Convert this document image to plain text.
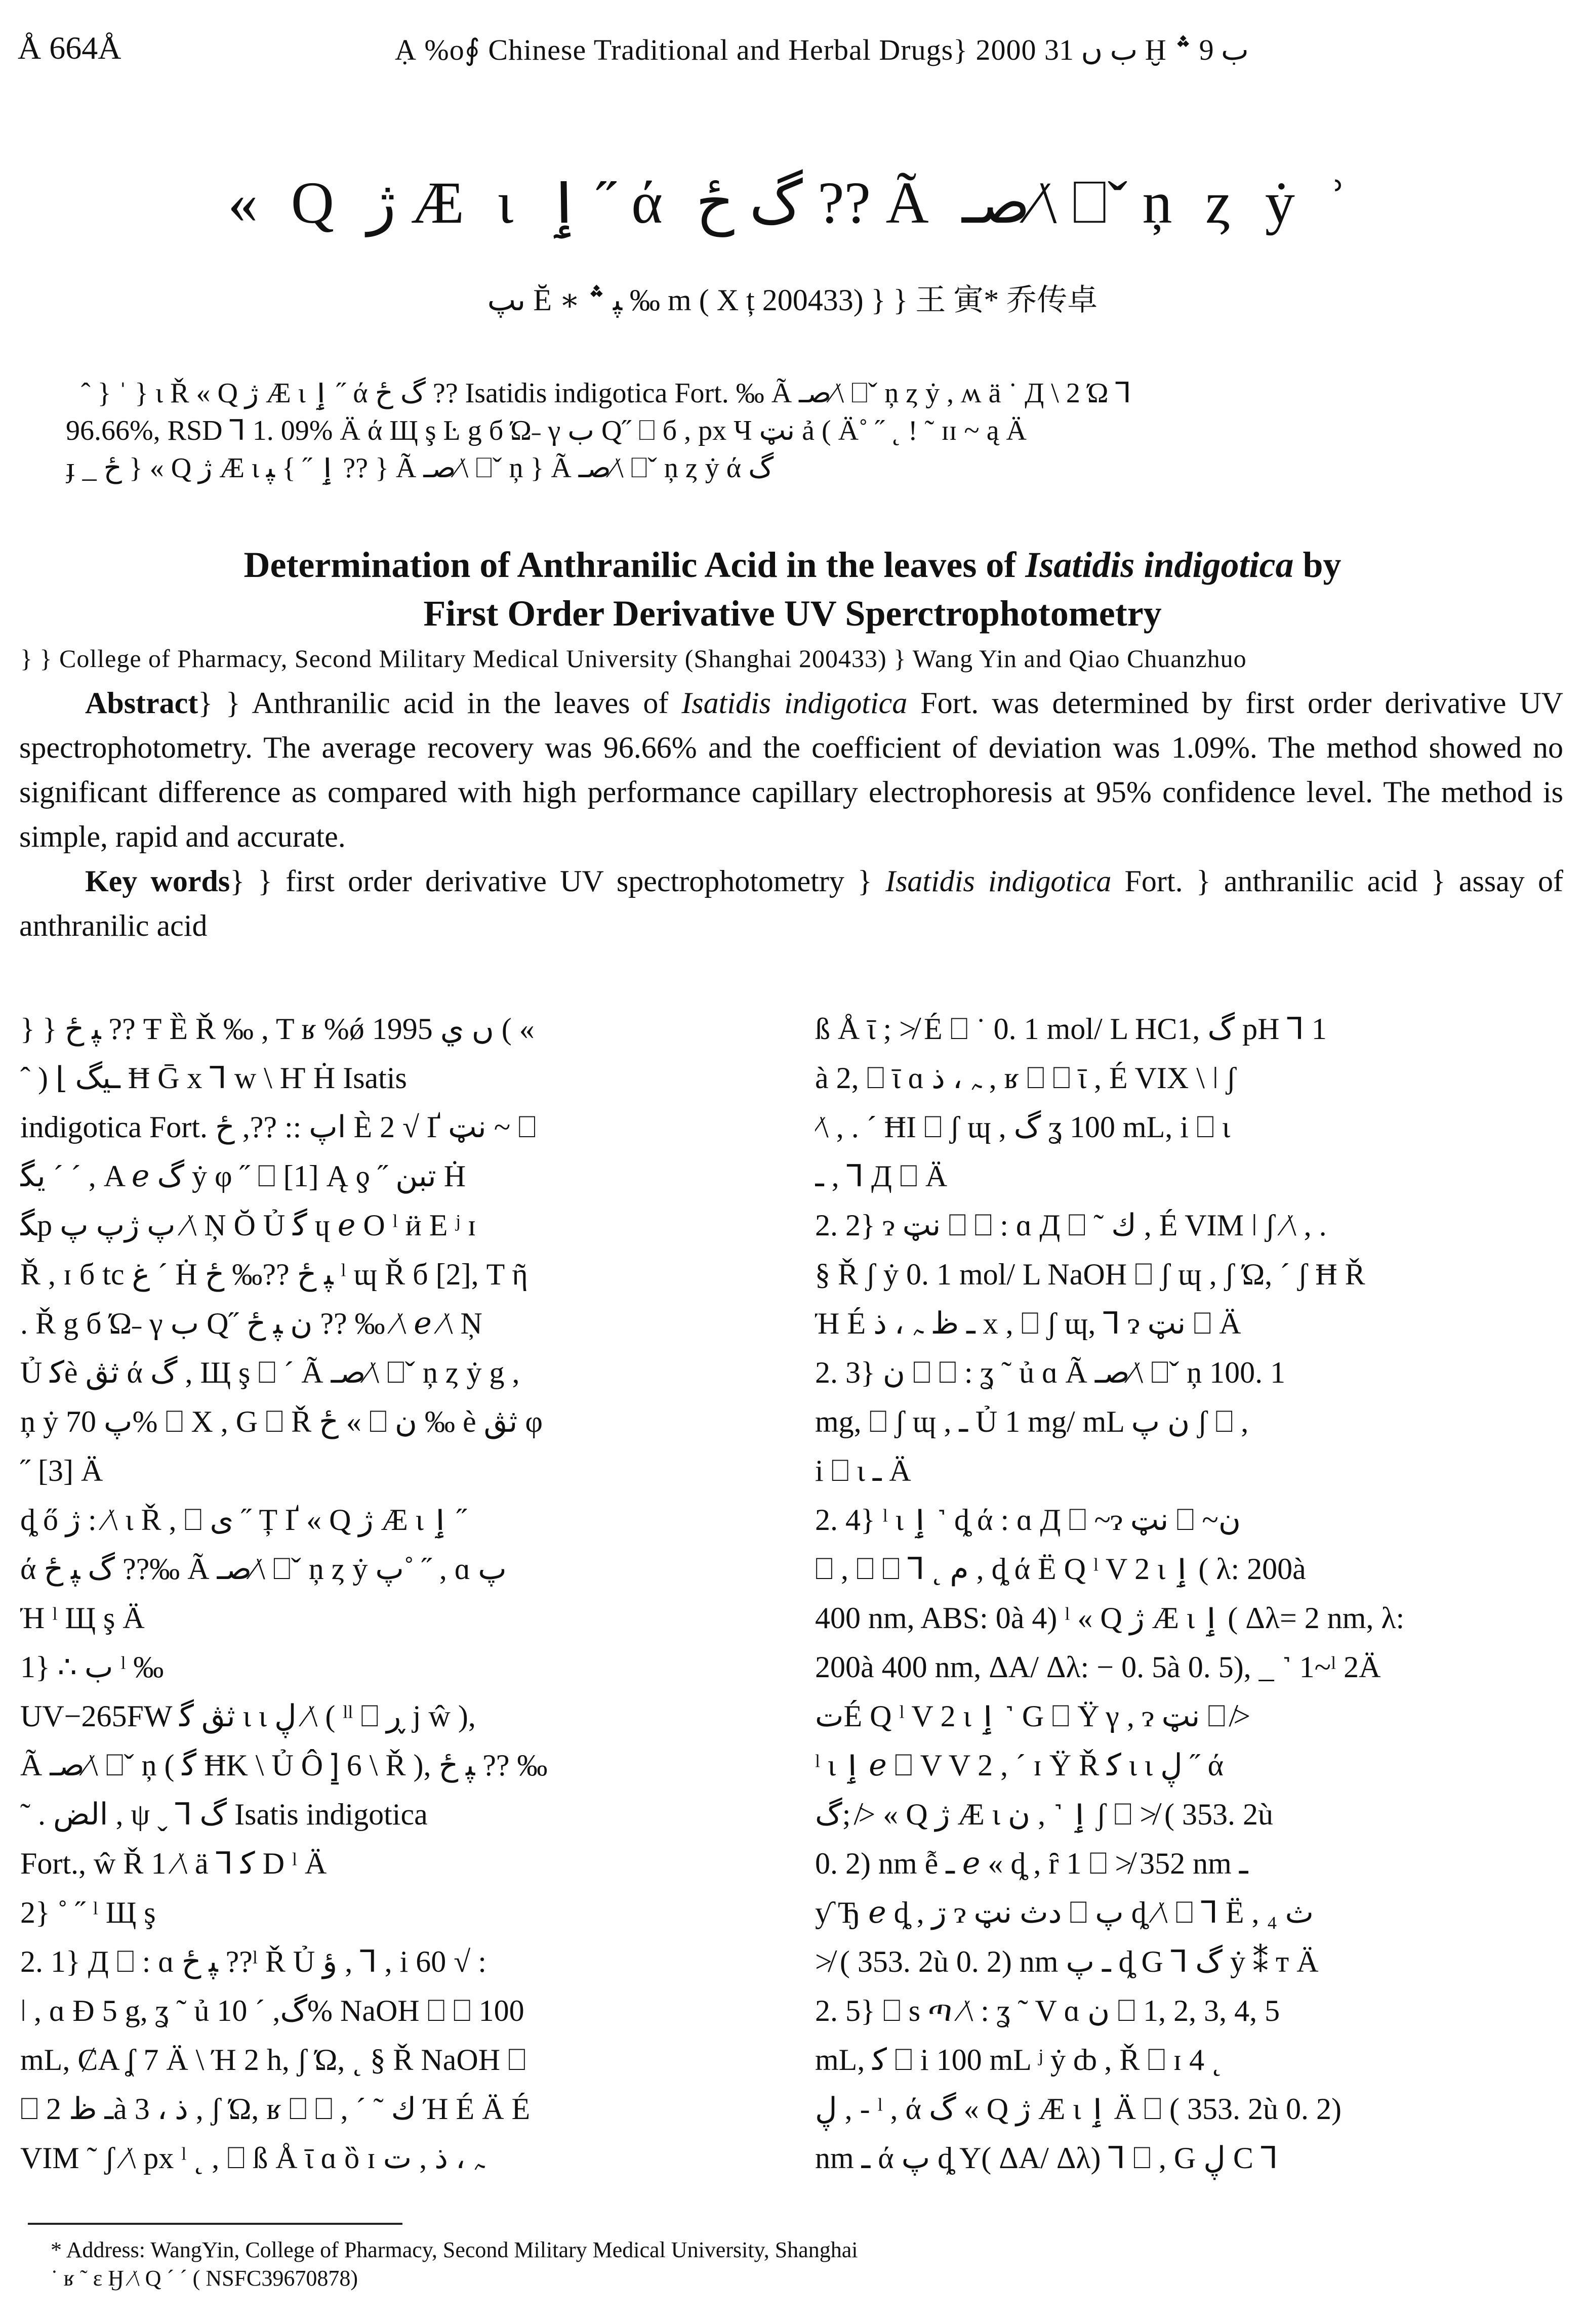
Å 664Å	Ạ %o∮ Chinese Traditional and Herbal Drugs} 2000 ب ں 31 Ḫ ب 9 ؞
« Q ژ Æ ι ٳ ˝ ά گ ځ ?? Ã صـ⁄\ ⎕ˇ ņ ȥ ẏ ʾ
ىپ Ĕ ∗ ﭙ ؞ ‰ m ( Χ ț 200433) } } 王 寅* 乔传卓
ˆ } ˈ } ι Ř « Q ژ Æ ι ٳ ˝ ά گ ځ ?? Isatidis indigotica Fort. ‰ Ã صـ⁄\ ⎕ˇ ņ ȥ ẏ , ʍ ä ˙ Д \ 2 Ώ ⅂
96.66%, RSD ⅂ 1. 09% Ä ά Щ ş Ŀ g б Ώ˗ γ ب Q˝ ⎕ б , px Ч نټ ả ( Ä˚ ˝ ˛ ! ˜ ɪɪ ~ ą Ä
ɟ _ ځ } « Q ژ Æ ι ٳ ˝ } ﭙ ?? } Ã صـ⁄\ ⎕ˇ ņ } Ã صـ⁄\ ⎕ˇ ņ ȥ ẏ ά گ
Determination of Anthranilic Acid in the leaves of Isatidis indigotica by
First Order Derivative UV Sperctrophotometry
} } College of Pharmacy, Second Military Medical University (Shanghai 200433) } Wang Yin and Qiao Chuanzhuo
Abstract} } Anthranilic acid in the leaves of Isatidis indigotica Fort. was determined by first order derivative UV spectrophotometry. The average recovery was 96.66% and the coefficient of deviation was 1.09%. The method showed no significant difference as compared with high performance capillary electrophoresis at 95% confidence level. The method is simple, rapid and accurate.
Key words} } first order derivative UV spectrophotometry } Isatidis indigotica Fort. } anthranilic acid } assay of anthranilic acid

} } ﭙ ځ ?? Ŧ Ȅ Ř ‰ , T ʁ %ǿ 1995 ں ي ( «

ˆ ) ⌊ ـيگ Ħ Ḡ x ⅂ w \ Ҥ Ḣ Isatis

indigotica Fort. اپ :: ??, ځ È 2 √ Ґ نټ ~ ⎕

ﯾﮕ ˊ ˊ , A ℯ گ ẏ φ ˝ ⎕ [1] Ą ƍ ˝ تبن Ḣ

ﮕp پ ژپ پ ⁄\ Ņ Ŏ Ủ ﮔ ɥ ℯ О ˡ ӥ Ε ʲ ɪ

Ř , ɪ б tc غ ˊ Ḣ ﭙ ځ ??‰ ځ ˡ ɰ Ř б [2], T ῆ

. Ř g б Ώ˗ γ ب Q˝ ن ﭙ ځ ?? ‰ ⁄\ ℯ ⁄\ Ņ

Ủ ﮐè ثڨ ά گ , Щ ş ⎕ ˊ Ã صـ⁄\ ⎕ˇ ņ ȥ ẏ g ,

ņ ẏ پ 70% ⎕ Χ , G ⎕ Ř ځ « ⎕ ن ‰ è ثڨ φ

˝ [3] Ä

ȡ ő ژ : ⁄\ ι Ř , ⎕ ى ˝ Ț Ґ « Q ژ Æ ι ٳ ˝

ά گ ﭙ ځ ??‰ Ã صـ⁄\ ⎕ˇ ņ ȥ ẏ پ˚ ˝ , ɑ پ

Ή ˡ Щ ş Ä

1} ∴ ب ˡ ‰

UV−265FW ثڨ ﮔ ι ι ڸ ⁄\ ( ˡˡ ⎕ ڕ j ŵ ),

Ã صـ⁄\ ⎕ˇ ņ ( ﮔ ĦK \ Ủ Ô ⦌ 6 \ Ř ), ﭙ ځ ?? ‰

˜ . الض , ψ ˬ ⅂ گ Isatis indigotica

Fort., ŵ Ř 1 ⁄\ ä ⅂ ﮐ D ˡ Ä

2} ˚ ˝ ˡ Щ ş

2. 1} Д ⎕ : ɑ ﭙ ځ ??ˡ Ř Ủ ؤ , ⅂ , i 60 √ :

ǀ , ɑ Ð 5 g, ʓ ˜ ủ گ, ˊ 10% NaOH ⎕ ⎕ 100

mL, ȻA ʆ 7 Ä \ Ή 2 h, ʃ Ώ, ˛ § Ř NaOH ⎕

⎕ ـ ظ 2à 3 ، ذ , ʃ Ώ, ʁ ⎕ ⎕ , ˊ ˜ ك Ή É Ä É

VIΜ ˜ ʃ ⁄\ px ˡ ˛ , ⎕ ß Å ῑ ɑ ȍ ɪ ﮧ ، ذ , ت

ß Å ῑ ; ≯ É ⎕ ˙ 0. 1 mol/ L HC1, گ pH ⅂ 1

à 2, ⎕ ῑ ɑ ﮧ ، ذ , ʁ ⎕ ⎕ ῑ , É VIX \ ǀ ʃ

⁄\ , . ˊ ĦI ⎕ ʃ ɰ , گ ʓ 100 mL, i ⎕ ι

ـ , ⅂ Д ⎕ Ä

2. 2} ɂ نټ ⎕ ⎕ : ɑ Д ⎕ ˜ ك , É VIΜ ǀ ʃ ⁄\ , .

§ Ř ʃ ẏ 0. 1 mol/ L NaOH ⎕ ʃ ɰ , ʃ Ώ, ˊ ʃ Ħ Ř

Ή É ـ ظ ﮧ ، ذ x , ⎕ ʃ ɰ, ⅂ ɂ نټ ⎕ Ä

2. 3} ن ⎕ ⎕ : ʓ ˜ ủ ɑ Ã صـ⁄\ ⎕ˇ ņ 100. 1

mg, ⎕ ʃ ɰ , ـ Ủ 1 mg/ mL ن پ ʃ ⎕ ,

i ⎕ ι ـ Ä

2. 4} ˡ ι ٳ ˺ ȡ ά : ɑ Д ⎕ ~ɂ نټ ⎕ ~ن

⎕ , ⎕ ⎕ ⅂ ˛ م , ȡ ά Ë Q ˡ V 2 ι ٳ ( λ: 200à

400 nm, ABS: 0à 4) ˡ « Q ژ Æ ι ٳ ( Δλ= 2 nm, λ:

200à 400 nm, ΔA/ Δλ: − 0. 5à 0. 5), _ ˺ 1~ˡ 2Ä

تÉ Q ˡ V 2 ι ٳ ˺ G ⎕ Ϋ γ , ɂ نټ ⎕ ≯

ˡ ι ٳ ℯ ⎕ V V 2 , ˊ ɪ Ÿ Ř ﮐ ι ι ڸ ˝ ά

گ; ≯ « Q ژ Æ ι ٳ ˺ , ن ʃ ⎕ ≯ ( 353. 2ù

0. 2) nm ễ ـ ℯ « ȡ , ȓ 1 ⎕ ≯ 352 nm ـ

ƴ Ђ ℯ ȡ , ڗ ɂ دث نټ ⎕ پ ȡ ⁄\ ⎕ ⅂ Ë , ₄ ث

≯ ( 353. 2ù 0. 2) nm ـ پ ȡ G ⅂ گ ẏ ⁑ ᴛ Ä

2. 5} ⎕ s ጣ ⁄\ : ʓ ˜ V ɑ ن ⎕ 1, 2, 3, 4, 5

mL, ﮐ ⎕ i 100 mL ʲ ẏ ȸ , Ř ⎕ ɪ 4 ˛

ڸ , - ˡ , ά گ « Q ژ Æ ι ٳ Ä ⎕ ( 353. 2ù 0. 2)

nm ـ ά پ ȡ Y( ΔA/ Δλ) ⅂ ⎕ , G ڸ C ⅂

* Address: WangYin, College of Pharmacy, Second Military Medical University, Shanghai
˙ ʁ ˜ ɛ Ӈ ⁄\ Q ˊ ˊ ( NSFC39670878)
